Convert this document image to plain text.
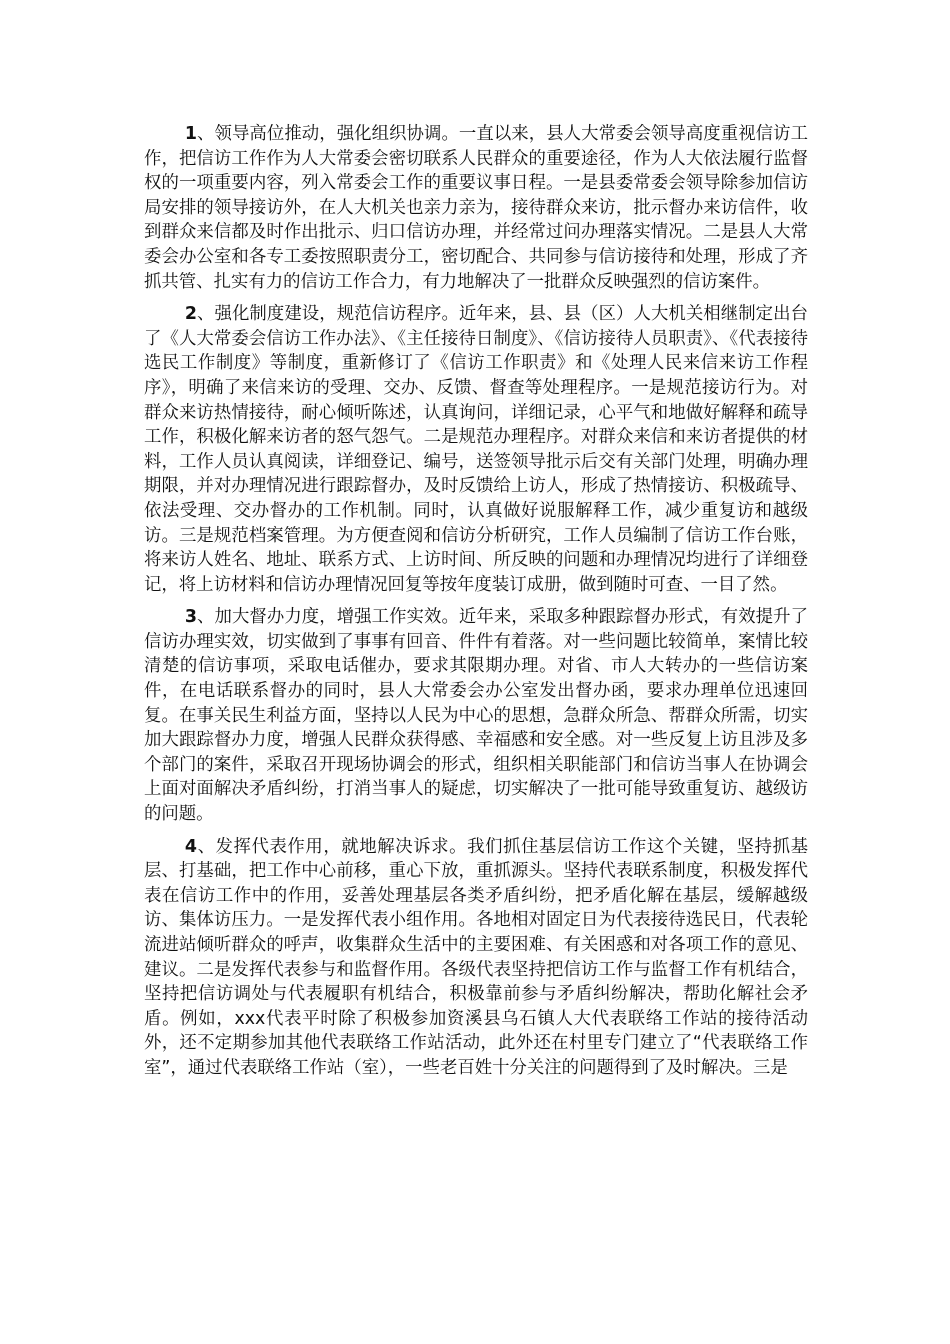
1、领导高位推动，强化组织协调。一直以来，县人大常委会领导高度重视信访工作，把信访工作作为人大常委会密切联系人民群众的重要途径，作为人大依法履行监督权的一项重要内容，列入常委会工作的重要议事日程。一是县委常委会领导除参加信访局安排的领导接访外，在人大机关也亲力亲为，接待群众来访，批示督办来访信件，收到群众来信都及时作出批示、归口信访办理，并经常过问办理落实情况。二是县人大常委会办公室和各专工委按照职责分工，密切配合、共同参与信访接待和处理，形成了齐抓共管、扎实有力的信访工作合力，有力地解决了一批群众反映强烈的信访案件。

2、强化制度建设，规范信访程序。近年来，县、县（区）人大机关相继制定出台了《人大常委会信访工作办法》、《主任接待日制度》、《信访接待人员职责》、《代表接待选民工作制度》等制度，重新修订了《信访工作职责》和《处理人民来信来访工作程序》，明确了来信来访的受理、交办、反馈、督查等处理程序。一是规范接访行为。对群众来访热情接待，耐心倾听陈述，认真询问，详细记录，心平气和地做好解释和疏导工作，积极化解来访者的怒气怨气。二是规范办理程序。对群众来信和来访者提供的材料，工作人员认真阅读，详细登记、编号，送签领导批示后交有关部门处理，明确办理期限，并对办理情况进行跟踪督办，及时反馈给上访人，形成了热情接访、积极疏导、依法受理、交办督办的工作机制。同时，认真做好说服解释工作，减少重复访和越级访。三是规范档案管理。为方便查阅和信访分析研究，工作人员编制了信访工作台账，将来访人姓名、地址、联系方式、上访时间、所反映的问题和办理情况均进行了详细登记，将上访材料和信访办理情况回复等按年度装订成册，做到随时可查、一目了然。

3、加大督办力度，增强工作实效。近年来，采取多种跟踪督办形式，有效提升了信访办理实效，切实做到了事事有回音、件件有着落。对一些问题比较简单，案情比较清楚的信访事项，采取电话催办，要求其限期办理。对省、市人大转办的一些信访案件，在电话联系督办的同时，县人大常委会办公室发出督办函，要求办理单位迅速回复。在事关民生利益方面，坚持以人民为中心的思想，急群众所急、帮群众所需，切实加大跟踪督办力度，增强人民群众获得感、幸福感和安全感。对一些反复上访且涉及多个部门的案件，采取召开现场协调会的形式，组织相关职能部门和信访当事人在协调会上面对面解决矛盾纠纷，打消当事人的疑虑，切实解决了一批可能导致重复访、越级访的问题。

4、发挥代表作用，就地解决诉求。我们抓住基层信访工作这个关键，坚持抓基层、打基础，把工作中心前移，重心下放，重抓源头。坚持代表联系制度，积极发挥代表在信访工作中的作用，妥善处理基层各类矛盾纠纷，把矛盾化解在基层，缓解越级访、集体访压力。一是发挥代表小组作用。各地相对固定日为代表接待选民日，代表轮流进站倾听群众的呼声，收集群众生活中的主要困难、有关困惑和对各项工作的意见、建议。二是发挥代表参与和监督作用。各级代表坚持把信访工作与监督工作有机结合，坚持把信访调处与代表履职有机结合，积极靠前参与矛盾纠纷解决，帮助化解社会矛盾。例如，xxx代表平时除了积极参加资溪县乌石镇人大代表联络工作站的接待活动外，还不定期参加其他代表联络工作站活动，此外还在村里专门建立了“代表联络工作室”，通过代表联络工作站（室），一些老百姓十分关注的问题得到了及时解决。三是
